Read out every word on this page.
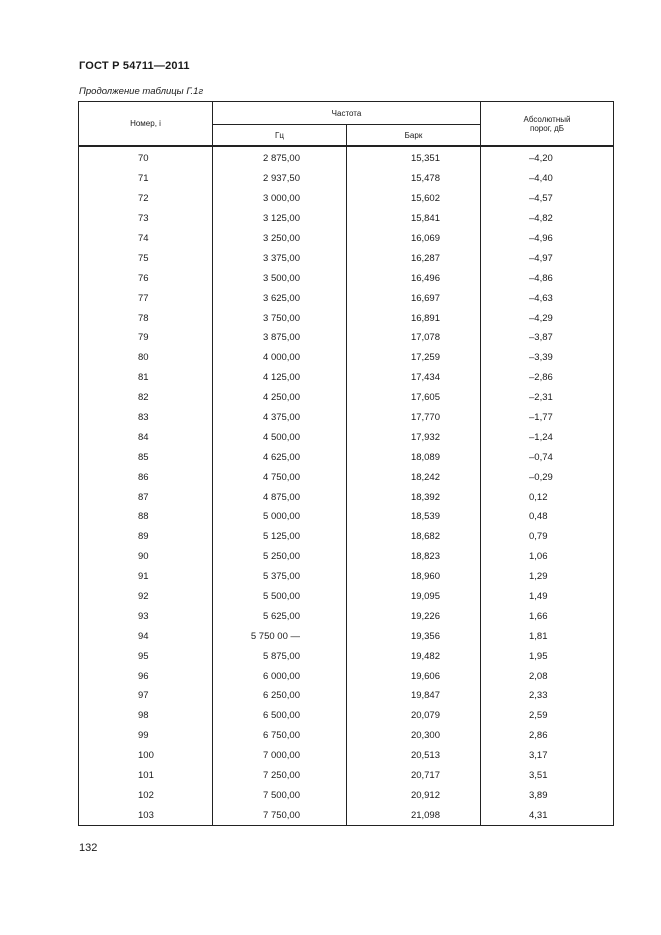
ГОСТ Р 54711—2011
Продолжение таблицы Г.1г
Номер, i	Частота		Абсолютный порог, дБ
	Гц	Барк	
70	2 875,00	15,351	–4,20
71	2 937,50	15,478	–4,40
72	3 000,00	15,602	–4,57
73	3 125,00	15,841	–4,82
74	3 250,00	16,069	–4,96
75	3 375,00	16,287	–4,97
76	3 500,00	16,496	–4,86
77	3 625,00	16,697	–4,63
78	3 750,00	16,891	–4,29
79	3 875,00	17,078	–3,87
80	4 000,00	17,259	–3,39
81	4 125,00	17,434	–2,86
82	4 250,00	17,605	–2,31
83	4 375,00	17,770	–1,77
84	4 500,00	17,932	–1,24
85	4 625,00	18,089	–0,74
86	4 750,00	18,242	–0,29
87	4 875,00	18,392	0,12
88	5 000,00	18,539	0,48
89	5 125,00	18,682	0,79
90	5 250,00	18,823	1,06
91	5 375,00	18,960	1,29
92	5 500,00	19,095	1,49
93	5 625,00	19,226	1,66
94	5 750 00 —	19,356	1,81
95	5 875,00	19,482	1,95
96	6 000,00	19,606	2,08
97	6 250,00	19,847	2,33
98	6 500,00	20,079	2,59
99	6 750,00	20,300	2,86
100	7 000,00	20,513	3,17
101	7 250,00	20,717	3,51
102	7 500,00	20,912	3,89
103	7 750,00	21,098	4,31
132
